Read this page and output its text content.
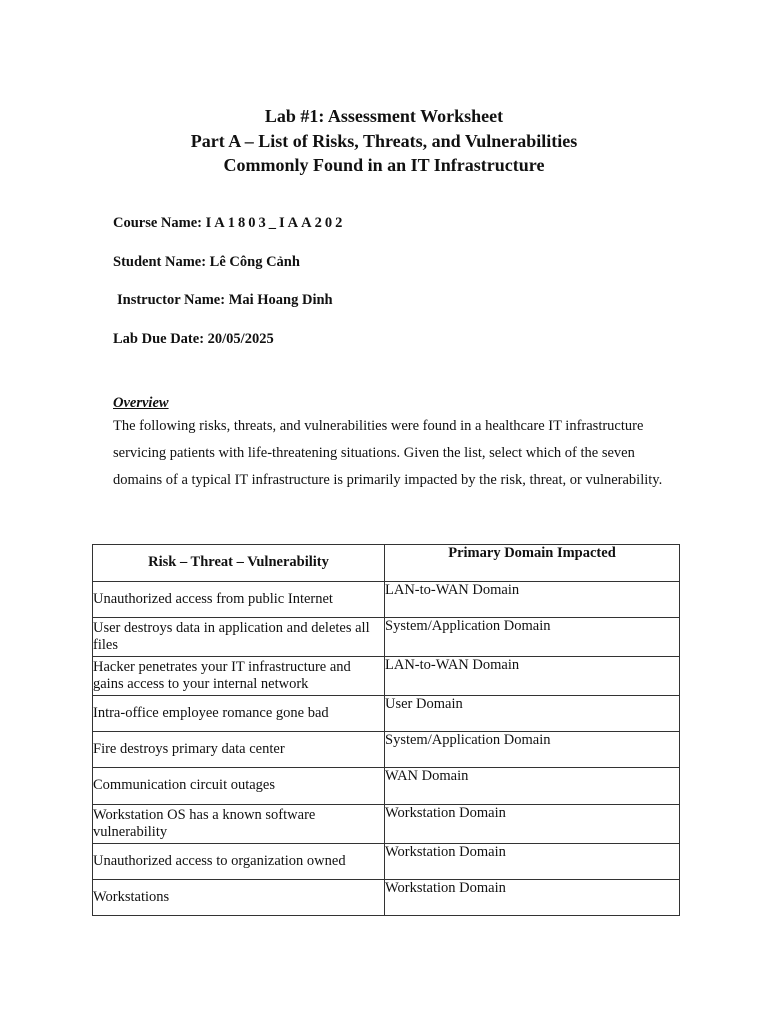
Lab #1: Assessment Worksheet
Part A – List of Risks, Threats, and Vulnerabilities
Commonly Found in an IT Infrastructure
Course Name: IA1803_IAA202
Student Name: Lê Công Cảnh
Instructor Name: Mai Hoang Dinh
Lab Due Date: 20/05/2025
Overview
The following risks, threats, and vulnerabilities were found in a healthcare IT infrastructure servicing patients with life-threatening situations. Given the list, select which of the seven domains of a typical IT infrastructure is primarily impacted by the risk, threat, or vulnerability.
Risk – Threat – Vulnerability	Primary Domain Impacted
Unauthorized access from public Internet	LAN-to-WAN Domain
User destroys data in application and deletes all files	System/Application Domain
Hacker penetrates your IT infrastructure and gains access to your internal network	LAN-to-WAN Domain
Intra-office employee romance gone bad	User Domain
Fire destroys primary data center	System/Application Domain
Communication circuit outages	WAN Domain
Workstation OS has a known software vulnerability	Workstation Domain
Unauthorized access to organization owned	Workstation Domain
Workstations	Workstation Domain
